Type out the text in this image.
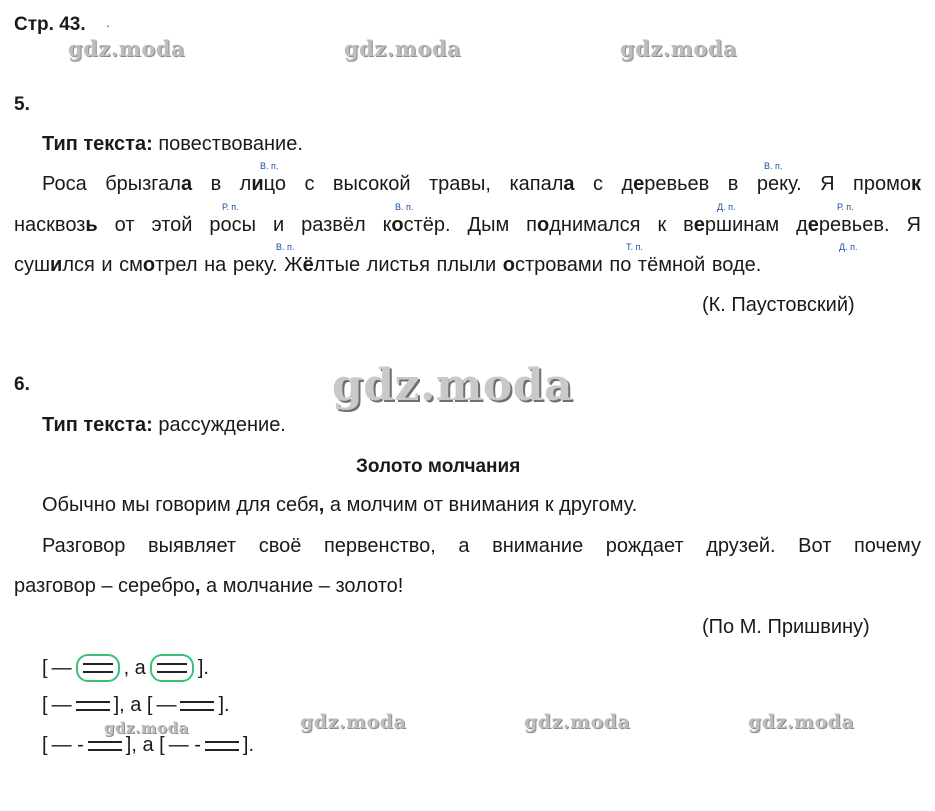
Стр. 43. .
gdz.moda	gdz.moda	gdz.moda
5.
Тип текста: повествование.
В. п.	В. п.
Р. п.	В. п.	Д. п.	Р. п.
В. п.	Т. п.	Д. п.
Роса брызгала в лицо с высокой травы, капала с деревьев в реку. Я промок
насквозь от этой росы и развёл костёр. Дым поднимался к вершинам деревьев. Я
сушился и смотрел на реку. Жёлтые листья плыли островами по тёмной воде.
(К. Паустовский)
6.	gdz.moda
Тип текста: рассуждение.
Золото молчания
Обычно мы говорим для себя, а молчим от внимания к другому.
Разговор выявляет своё первенство, а внимание рождает друзей. Вот почему
разговор – серебро, а молчание – золото!
(По М. Пришвину)
[ —	, а	].
[ — ], а [ — ].
[ — - ], а [ — - ].
gdz.moda	gdz.moda	gdz.moda	gdz.moda
